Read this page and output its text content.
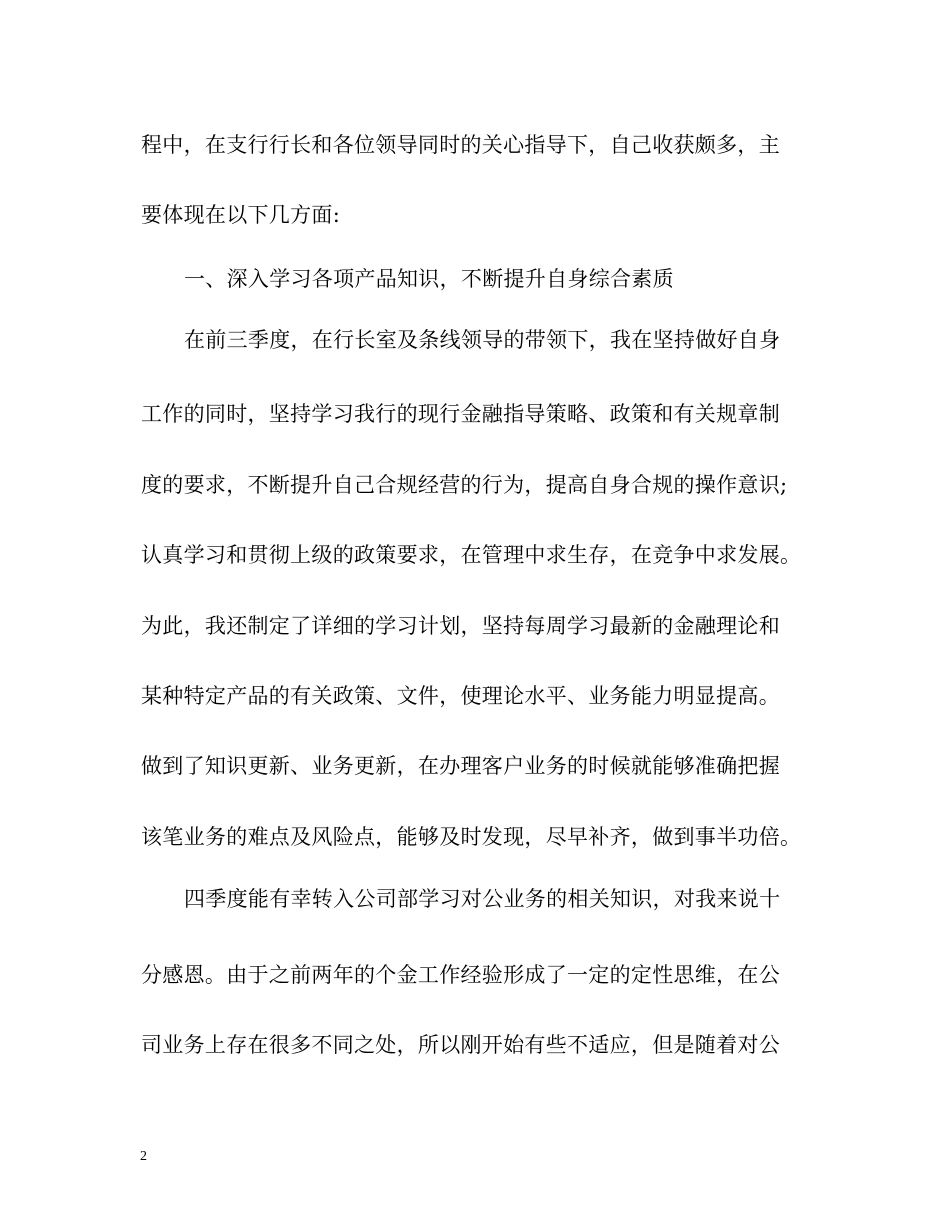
程中，在支行行长和各位领导同时的关心指导下，自己收获颇多，主
要体现在以下几方面:
一、深入学习各项产品知识，不断提升自身综合素质
在前三季度，在行长室及条线领导的带领下，我在坚持做好自身
工作的同时，坚持学习我行的现行金融指导策略、政策和有关规章制
度的要求，不断提升自己合规经营的行为，提高自身合规的操作意识;
认真学习和贯彻上级的政策要求，在管理中求生存，在竞争中求发展。
为此，我还制定了详细的学习计划，坚持每周学习最新的金融理论和
某种特定产品的有关政策、文件，使理论水平、业务能力明显提高。
做到了知识更新、业务更新，在办理客户业务的时候就能够准确把握
该笔业务的难点及风险点，能够及时发现，尽早补齐，做到事半功倍。
四季度能有幸转入公司部学习对公业务的相关知识，对我来说十
分感恩。由于之前两年的个金工作经验形成了一定的定性思维，在公
司业务上存在很多不同之处，所以刚开始有些不适应，但是随着对公
2
